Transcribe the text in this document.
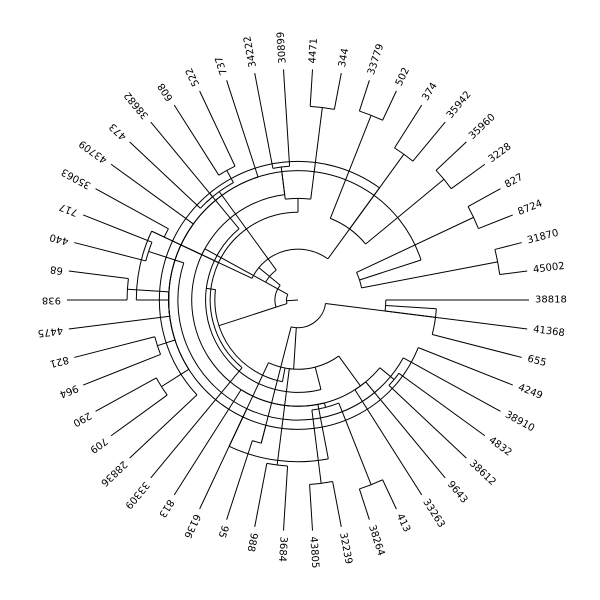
38818
41368
655
4249
38910
4832
38612
9643
33263
413
38264
32239
43805
3684
988
95
6136
813
33309
28836
709
290
964
821
4475
938
68
440
717
35063
43709
473
38682 608
522
737 34222 30899 4471 344 33779
502
374 35942
35960
3228
827
8724
31870
45002
